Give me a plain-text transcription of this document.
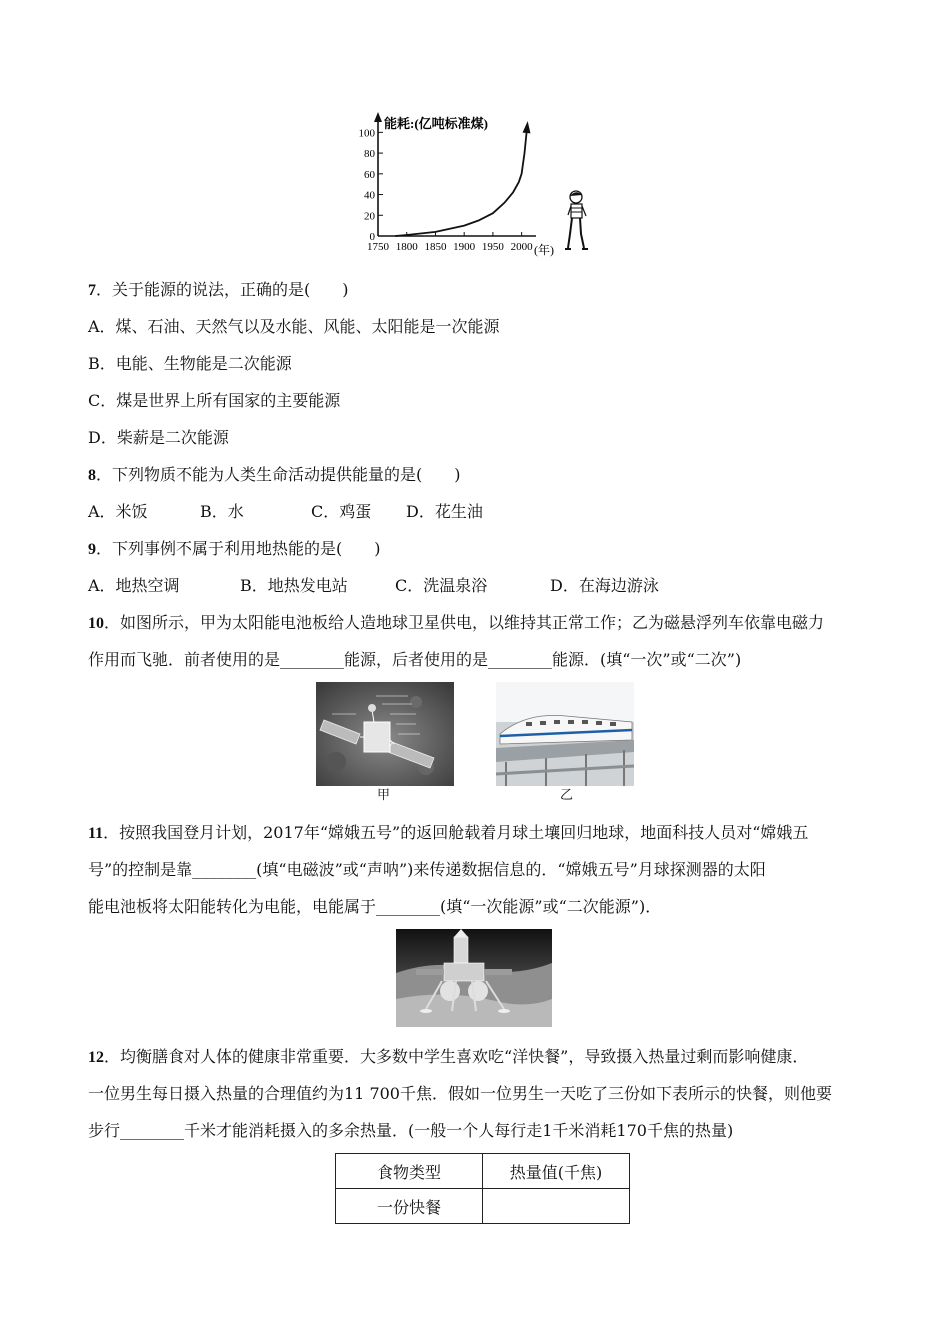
能耗:(亿吨标准煤)
(年)
0
20
40
60
80
100
1750 1800 1850 1900 1950 2000
7．关于能源的说法，正确的是(　　)
A．煤、石油、天然气以及水能、风能、太阳能是一次能源
B．电能、生物能是二次能源
C．煤是世界上所有国家的主要能源
D．柴薪是二次能源
8．下列物质不能为人类生命活动提供能量的是(　　)
A．米饭	B．水	C．鸡蛋 D．花生油
9．下列事例不属于利用地热能的是(　　)
A．地热空调	B．地热发电站	C．洗温泉浴	D．在海边游泳
10．如图所示，甲为太阳能电池板给人造地球卫星供电，以维持其正常工作；乙为磁悬浮列车依靠电磁力
作用而飞驰．前者使用的是________能源，后者使用的是________能源．(填“一次”或“二次”)
甲	乙
11．按照我国登月计划，2017年“嫦娥五号”的返回舱载着月球土壤回归地球，地面科技人员对“嫦娥五
号”的控制是靠________(填“电磁波”或“声呐”)来传递数据信息的．“嫦娥五号”月球探测器的太阳
能电池板将太阳能转化为电能，电能属于________(填“一次能源”或“二次能源”)．
12．均衡膳食对人体的健康非常重要．大多数中学生喜欢吃“洋快餐”，导致摄入热量过剩而影响健康．
一位男生每日摄入热量的合理值约为11 700千焦．假如一位男生一天吃了三份如下表所示的快餐，则他要
步行________千米才能消耗摄入的多余热量．(一般一个人每行走1千米消耗170千焦的热量)
食物类型	热量值(千焦)
一份快餐	
